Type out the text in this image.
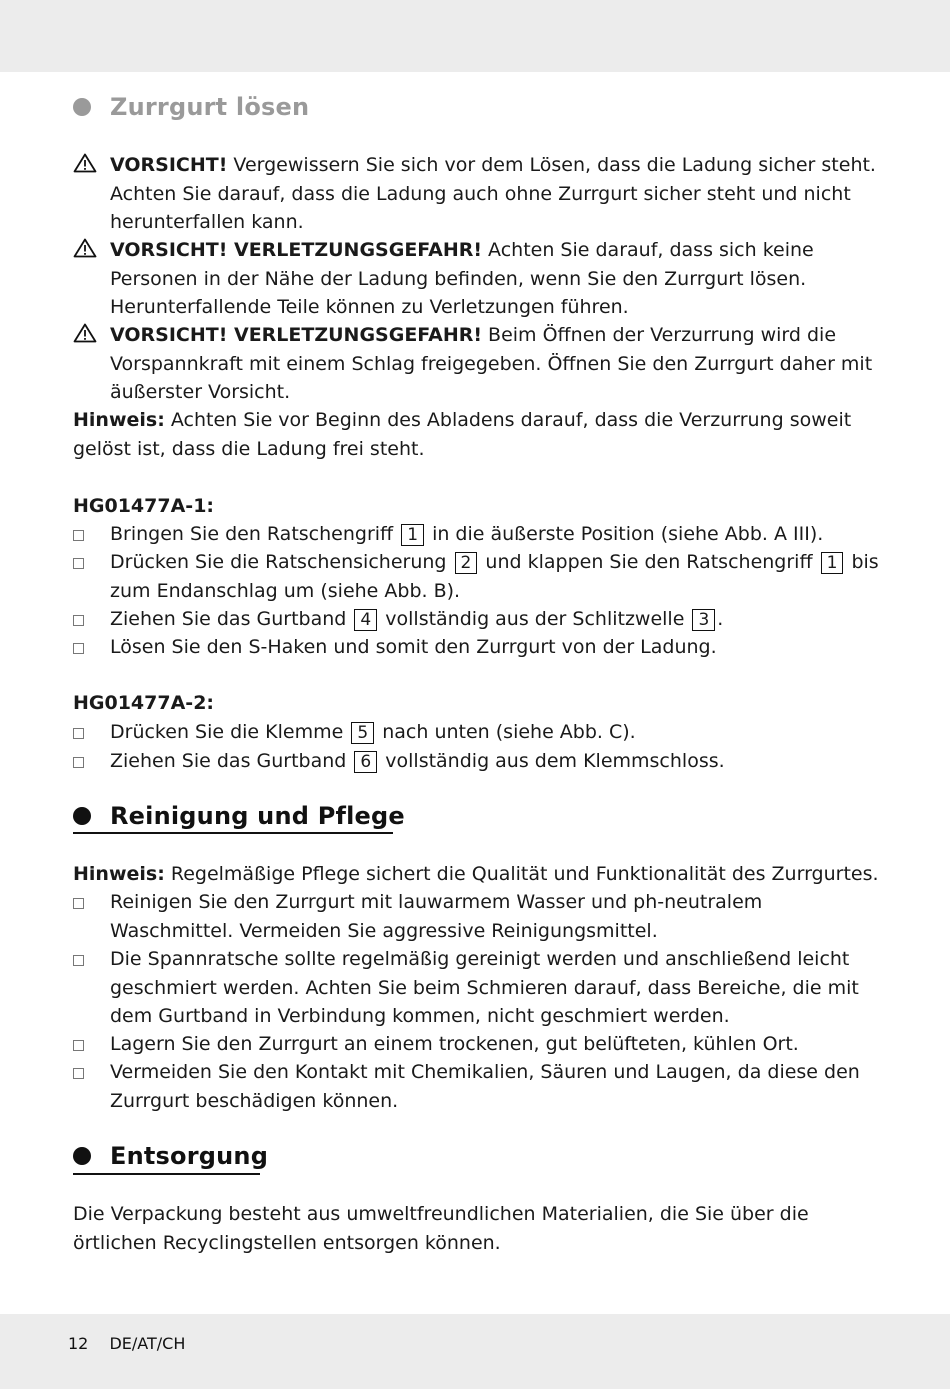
Zurrgurt lösen
VORSICHT! Vergewissern Sie sich vor dem Lösen, dass die Ladung sicher steht. Achten Sie darauf, dass die Ladung auch ohne Zurrgurt sicher steht und nicht herunterfallen kann.
VORSICHT! VERLETZUNGSGEFAHR! Achten Sie darauf, dass sich keine Personen in der Nähe der Ladung befinden, wenn Sie den Zurrgurt lösen. Herunterfallende Teile können zu Verletzungen führen.
VORSICHT! VERLETZUNGSGEFAHR! Beim Öffnen der Verzurrung wird die Vorspannkraft mit einem Schlag freigegeben. Öffnen Sie den Zurrgurt daher mit äußerster Vorsicht.
Hinweis: Achten Sie vor Beginn des Abladens darauf, dass die Verzurrung soweit gelöst ist, dass die Ladung frei steht.
HG01477A-1:
Bringen Sie den Ratschengriff 1 in die äußerste Position (siehe Abb. A III).
Drücken Sie die Ratschensicherung 2 und klappen Sie den Ratschengriff 1 bis zum Endanschlag um (siehe Abb. B).
Ziehen Sie das Gurtband 4 vollständig aus der Schlitzwelle 3 .
Lösen Sie den S-Haken und somit den Zurrgurt von der Ladung.
HG01477A-2:
Drücken Sie die Klemme 5 nach unten (siehe Abb. C).
Ziehen Sie das Gurtband 6 vollständig aus dem Klemmschloss.
Reinigung und Pflege
Hinweis: Regelmäßige Pflege sichert die Qualität und Funktionalität des Zurrgurtes.
Reinigen Sie den Zurrgurt mit lauwarmem Wasser und ph-neutralem Waschmittel. Vermeiden Sie aggressive Reinigungsmittel.
Die Spannratsche sollte regelmäßig gereinigt werden und anschließend leicht geschmiert werden. Achten Sie beim Schmieren darauf, dass Bereiche, die mit dem Gurtband in Verbindung kommen, nicht geschmiert werden.
Lagern Sie den Zurrgurt an einem trockenen, gut belüfteten, kühlen Ort.
Vermeiden Sie den Kontakt mit Chemikalien, Säuren und Laugen, da diese den Zurrgurt beschädigen können.
Entsorgung
Die Verpackung besteht aus umweltfreundlichen Materialien, die Sie über die örtlichen Recyclingstellen entsorgen können.
12 DE/AT/CH
